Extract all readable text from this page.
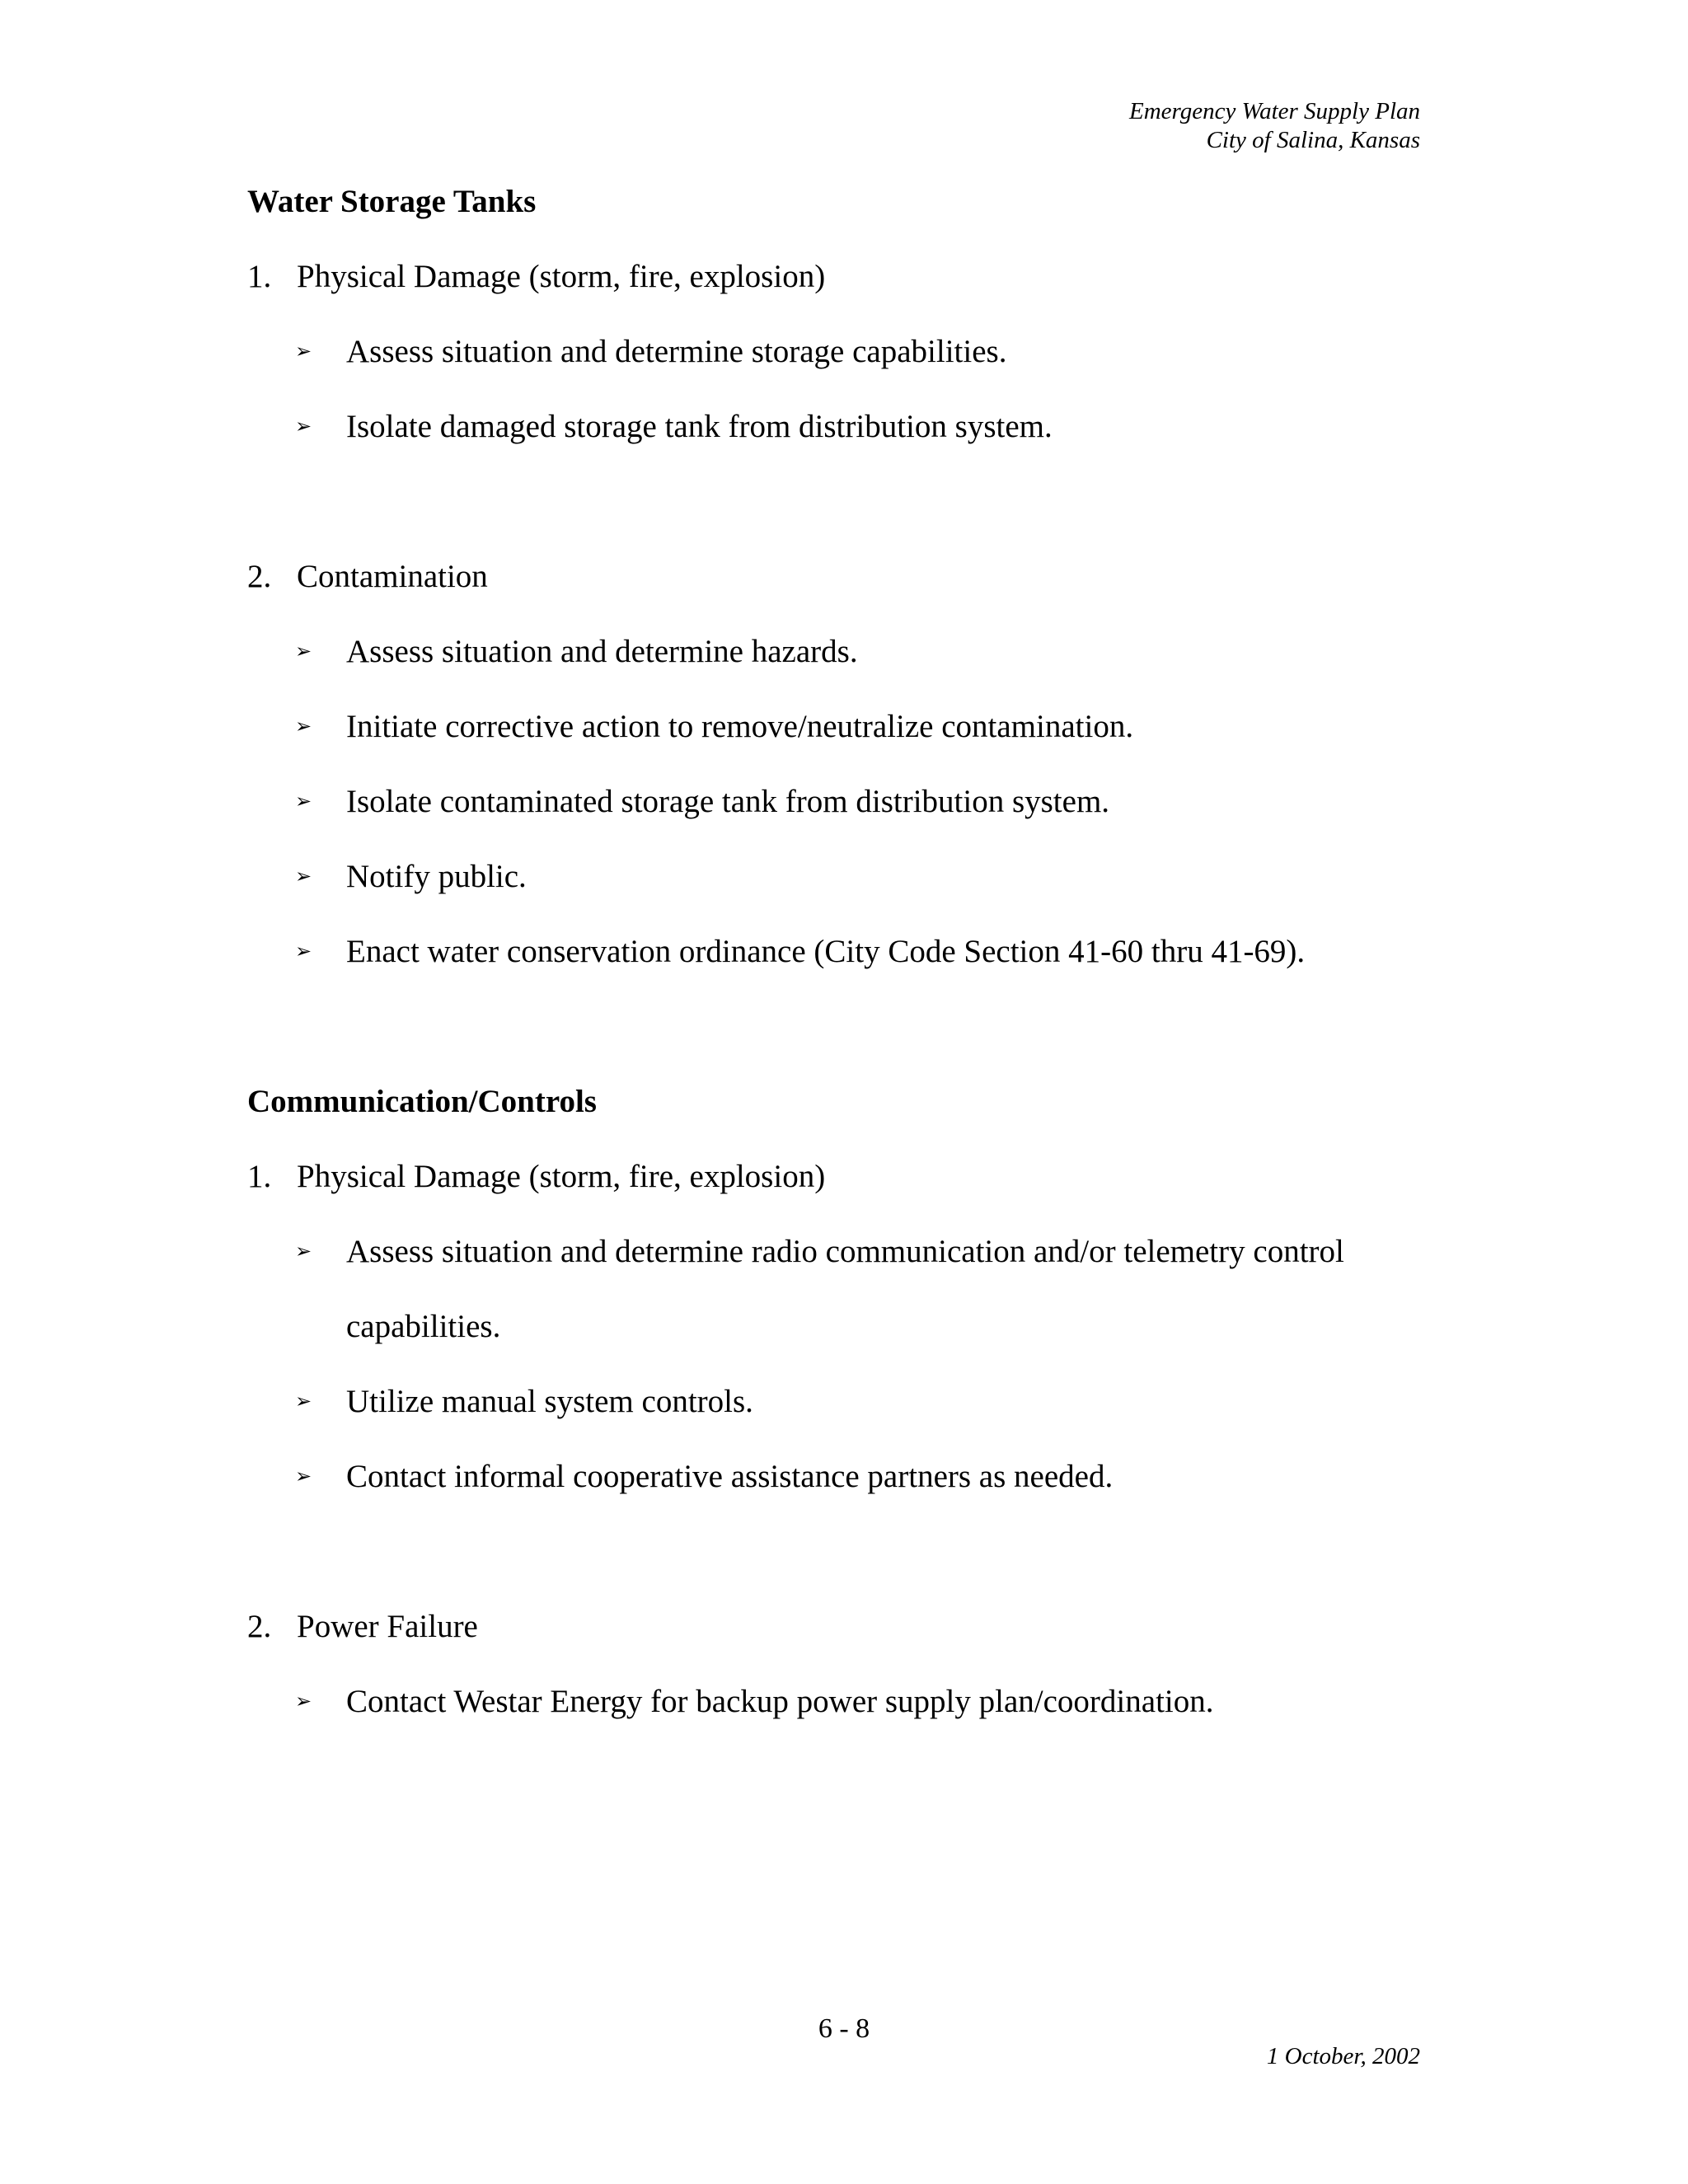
Emergency Water Supply Plan
City of Salina, Kansas
Water Storage Tanks
1. Physical Damage (storm, fire, explosion)
➢ Assess situation and determine storage capabilities.
➢ Isolate damaged storage tank from distribution system.
2. Contamination
➢ Assess situation and determine hazards.
➢ Initiate corrective action to remove/neutralize contamination.
➢ Isolate contaminated storage tank from distribution system.
➢ Notify public.
➢ Enact water conservation ordinance (City Code Section 41-60 thru 41-69).
Communication/Controls
1. Physical Damage (storm, fire, explosion)
➢ Assess situation and determine radio communication and/or telemetry control
capabilities.
➢ Utilize manual system controls.
➢ Contact informal cooperative assistance partners as needed.
2. Power Failure
➢ Contact Westar Energy for backup power supply plan/coordination.
6 - 8
1 October, 2002
